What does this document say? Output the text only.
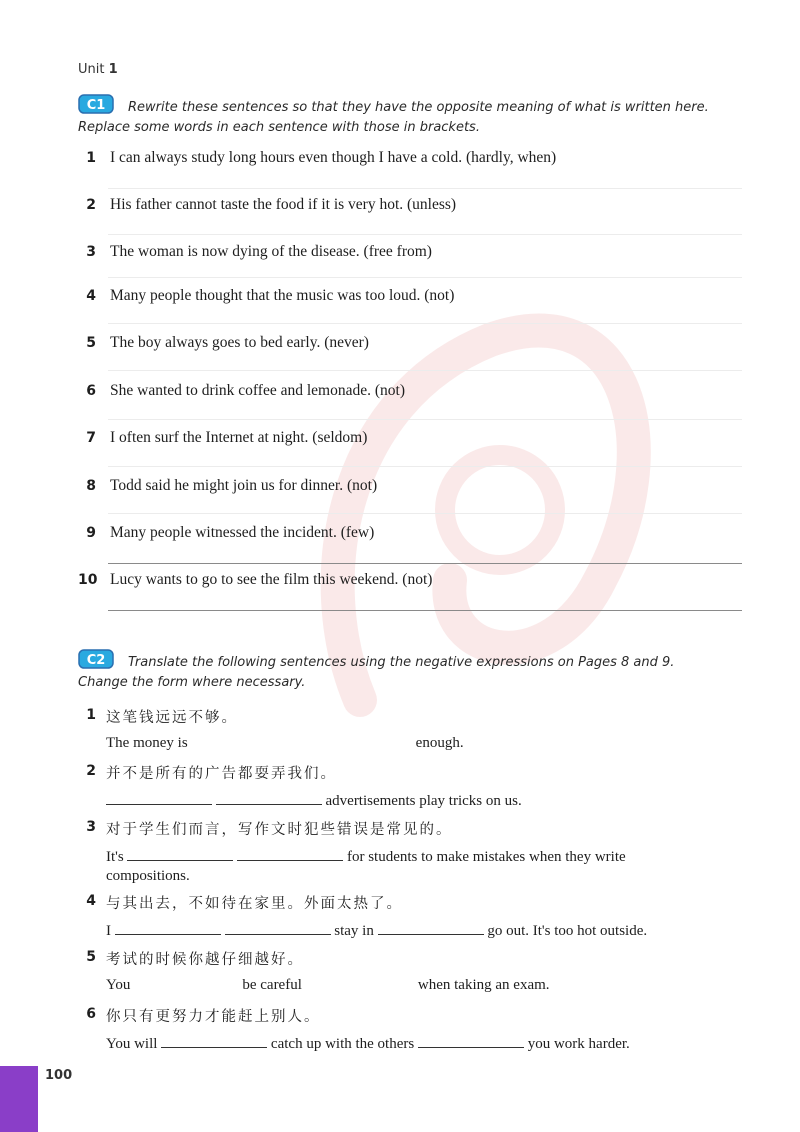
Unit 1
C1 Rewrite these sentences so that they have the opposite meaning of what is written here. Replace some words in each sentence with those in brackets.
1 I can always study long hours even though I have a cold. (hardly, when)
2 His father cannot taste the food if it is very hot. (unless)
3 The woman is now dying of the disease. (free from)
4 Many people thought that the music was too loud. (not)
5 The boy always goes to bed early. (never)
6 She wanted to drink coffee and lemonade. (not)
7 I often surf the Internet at night. (seldom)
8 Todd said he might join us for dinner. (not)
9 Many people witnessed the incident. (few)
10 Lucy wants to go to see the film this weekend. (not)
C2 Translate the following sentences using the negative expressions on Pages 8 and 9. Change the form where necessary.
1 这笔钱远远不够。
The money is	enough.
2 并不是所有的广告都耍弄我们。
advertisements play tricks on us.
3 对于学生们而言，写作文时犯些错误是常见的。
It's	for students to make mistakes when they write compositions.
4 与其出去，不如待在家里。外面太热了。
I	stay in	go out. It's too hot outside.
5 考试的时候你越仔细越好。
You	be careful	when taking an exam.
6 你只有更努力才能赶上别人。
You will	catch up with the others	you work harder.
100
